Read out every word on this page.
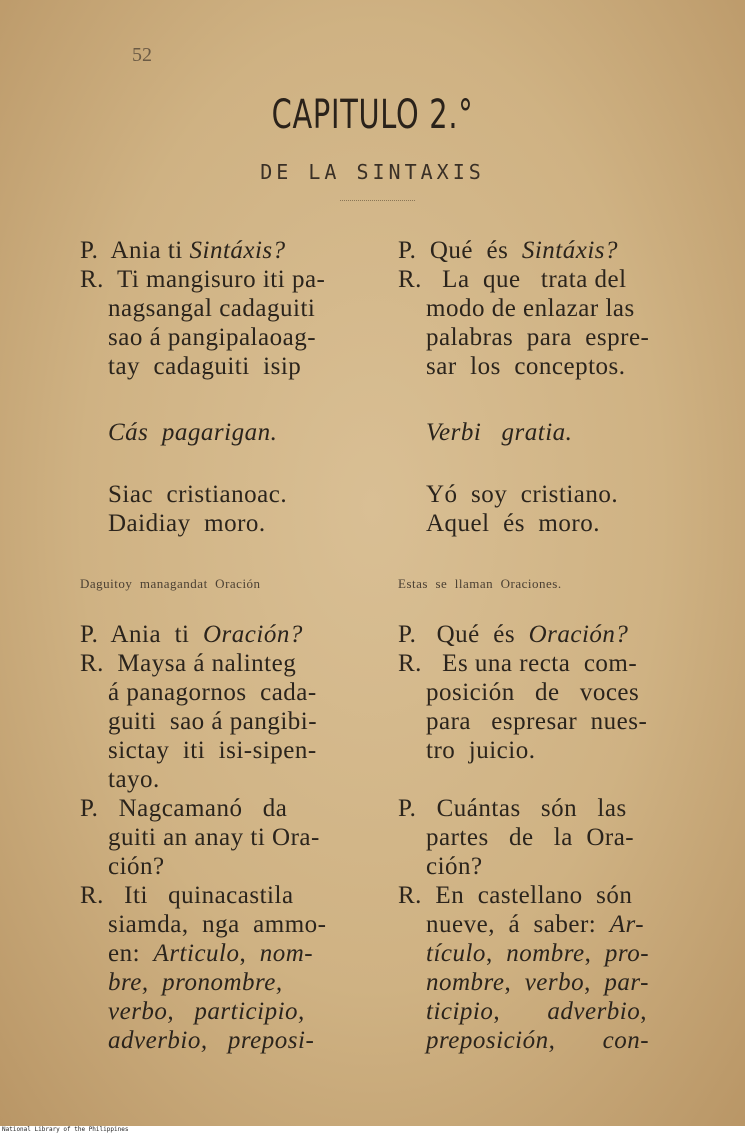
52
CAPITULO 2.°
DE LA SINTAXIS
P.  Ania ti Sintáxis?
R.  Ti mangisuro iti pa-
nagsangal cadaguiti
sao á pangipalaoag-
tay  cadaguiti  isip
Cás  pagarigan.
Siac  cristianoac.
Daidiay  moro.
Daguitoy  managandat  Oración
P.  Ania  ti  Oración?
R.  Maysa á nalinteg
á panagornos  cada-
guiti  sao á pangibi-
sictay  iti  isi-sipen-
tayo.
P.   Nagcamanó   da
guiti an anay ti Ora-
ción?
R.   Iti   quinacastila
siamda,  nga  ammo-
en:  Articulo,  nom-
bre,  pronombre,
verbo,   participio,
adverbio,   preposi-
P.  Qué  és  Sintáxis?
R.   La  que   trata del
modo de enlazar las
palabras  para  espre-
sar  los  conceptos.
Verbi   gratia.
Yó  soy  cristiano.
Aquel  és  moro.
Estas  se  llaman  Oraciones.
P.   Qué  és  Oración?
R.   Es una recta  com-
posición   de   voces
para   espresar  nues-
tro  juicio.
P.   Cuántas   són   las
partes   de   la  Ora-
ción?
R.  En  castellano  són
nueve,  á  saber:  Ar-
tículo,  nombre,  pro-
nombre,  verbo,  par-
ticipio,       adverbio,
preposición,       con-
National Library of the Philippines
